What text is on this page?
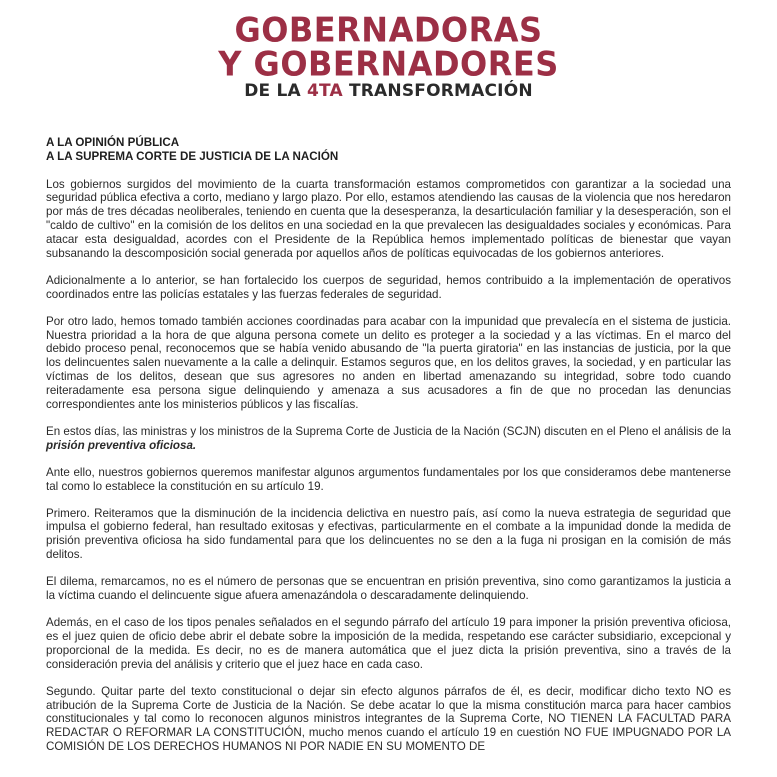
GOBERNADORAS
Y GOBERNADORES
DE LA 4TA TRANSFORMACIÓN
A LA OPINIÓN PÚBLICA
A LA SUPREMA CORTE DE JUSTICIA DE LA NACIÓN

Los gobiernos surgidos del movimiento de la cuarta transformación estamos comprometidos con garantizar a la sociedad una seguridad pública efectiva a corto, mediano y largo plazo. Por ello, estamos atendiendo las causas de la violencia que nos heredaron por más de tres décadas neoliberales, teniendo en cuenta que la desesperanza, la desarticulación familiar y la desesperación, son el "caldo de cultivo" en la comisión de los delitos en una sociedad en la que prevalecen las desigualdades sociales y económicas. Para atacar esta desigualdad, acordes con el Presidente de la República hemos implementado políticas de bienestar que vayan subsanando la descomposición social generada por aquellos años de políticas equivocadas de los gobiernos anteriores.

Adicionalmente a lo anterior, se han fortalecido los cuerpos de seguridad, hemos contribuido a la implementación de operativos coordinados entre las policías estatales y las fuerzas federales de seguridad.

Por otro lado, hemos tomado también acciones coordinadas para acabar con la impunidad que prevalecía en el sistema de justicia. Nuestra prioridad a la hora de que alguna persona comete un delito es proteger a la sociedad y a las víctimas. En el marco del debido proceso penal, reconocemos que se había venido abusando de "la puerta giratoria" en las instancias de justicia, por la que los delincuentes salen nuevamente a la calle a delinquir. Estamos seguros que, en los delitos graves, la sociedad, y en particular las víctimas de los delitos, desean que sus agresores no anden en libertad amenazando su integridad, sobre todo cuando reiteradamente esa persona sigue delinquiendo y amenaza a sus acusadores a fin de que no procedan las denuncias correspondientes ante los ministerios públicos y las fiscalías.

En estos días, las ministras y los ministros de la Suprema Corte de Justicia de la Nación (SCJN) discuten en el Pleno el análisis de la prisión preventiva oficiosa.

Ante ello, nuestros gobiernos queremos manifestar algunos argumentos fundamentales por los que consideramos debe mantenerse tal como lo establece la constitución en su artículo 19.

Primero. Reiteramos que la disminución de la incidencia delictiva en nuestro país, así como la nueva estrategia de seguridad que impulsa el gobierno federal, han resultado exitosas y efectivas, particularmente en el combate a la impunidad donde la medida de prisión preventiva oficiosa ha sido fundamental para que los delincuentes no se den a la fuga ni prosigan en la comisión de más delitos.

El dilema, remarcamos, no es el número de personas que se encuentran en prisión preventiva, sino como garantizamos la justicia a la víctima cuando el delincuente sigue afuera amenazándola o descaradamente delinquiendo.

Además, en el caso de los tipos penales señalados en el segundo párrafo del artículo 19 para imponer la prisión preventiva oficiosa, es el juez quien de oficio debe abrir el debate sobre la imposición de la medida, respetando ese carácter subsidiario, excepcional y proporcional de la medida. Es decir, no es de manera automática que el juez dicta la prisión preventiva, sino a través de la consideración previa del análisis y criterio que el juez hace en cada caso.

Segundo. Quitar parte del texto constitucional o dejar sin efecto algunos párrafos de él, es decir, modificar dicho texto NO es atribución de la Suprema Corte de Justicia de la Nación. Se debe acatar lo que la misma constitución marca para hacer cambios constitucionales y tal como lo reconocen algunos ministros integrantes de la Suprema Corte, NO TIENEN LA FACULTAD PARA REDACTAR O REFORMAR LA CONSTITUCIÓN, mucho menos cuando el artículo 19 en cuestión NO FUE IMPUGNADO POR LA COMISIÓN DE LOS DERECHOS HUMANOS NI POR NADIE EN SU MOMENTO DE
